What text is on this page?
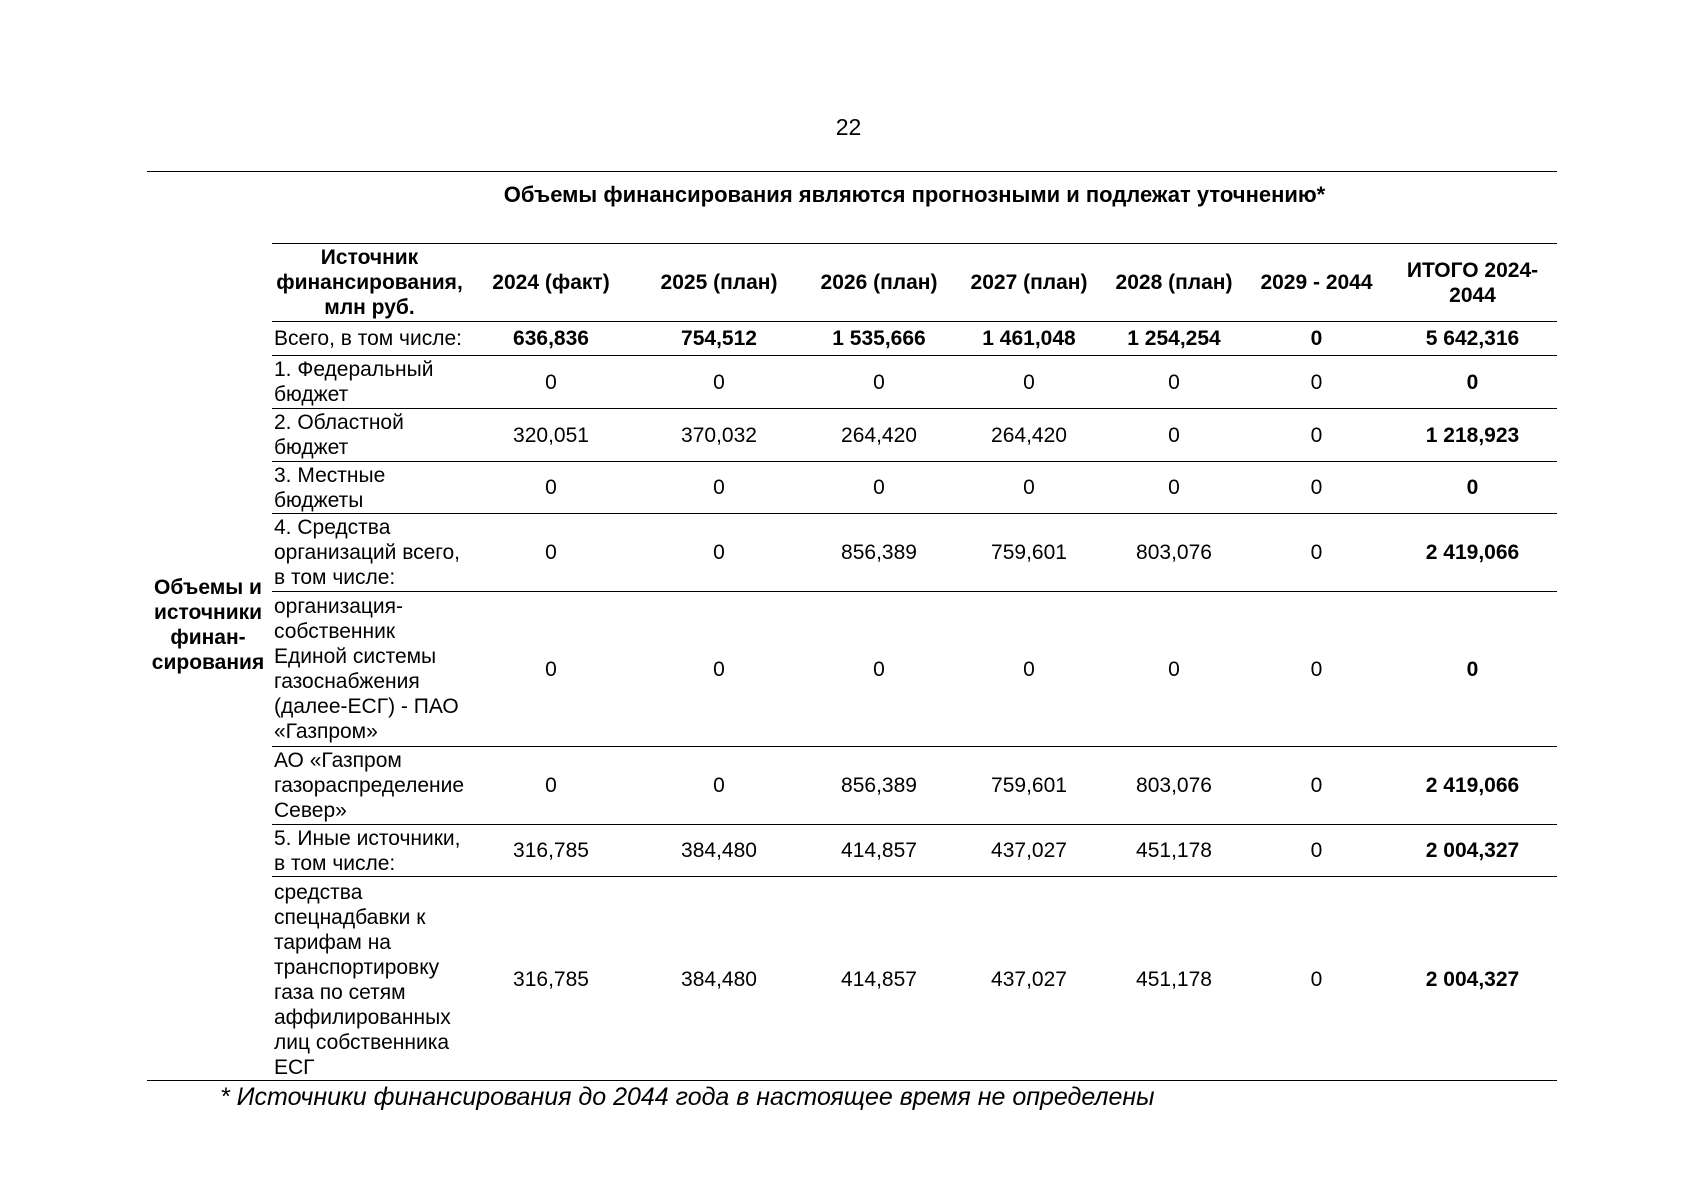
22
Объемы финансирования являются прогнозными и подлежат уточнению*
Объемы и
источники
финан-
сирования
Источник финансирования, млн руб.	2024 (факт)	2025 (план)	2026 (план)	2027 (план)	2028 (план)	2029 - 2044	ИТОГО 2024-2044
Всего, в том числе:	636,836	754,512	1 535,666	1 461,048	1 254,254	0	5 642,316
1. Федеральный бюджет	0	0	0	0	0	0	0
2. Областной бюджет	320,051	370,032	264,420	264,420	0	0	1 218,923
3. Местные бюджеты	0	0	0	0	0	0	0
4. Средства организаций всего, в том числе:	0	0	856,389	759,601	803,076	0	2 419,066
организация-собственник Единой системы газоснабжения (далее-ЕСГ) - ПАО «Газпром»	0	0	0	0	0	0	0
АО «Газпром газораспределение Север»	0	0	856,389	759,601	803,076	0	2 419,066
5. Иные источники, в том числе:	316,785	384,480	414,857	437,027	451,178	0	2 004,327
средства спецнадбавки к тарифам на транспортировку газа по сетям аффилированных лиц собственника ЕСГ	316,785	384,480	414,857	437,027	451,178	0	2 004,327
* Источники финансирования до 2044 года в настоящее время не определены
